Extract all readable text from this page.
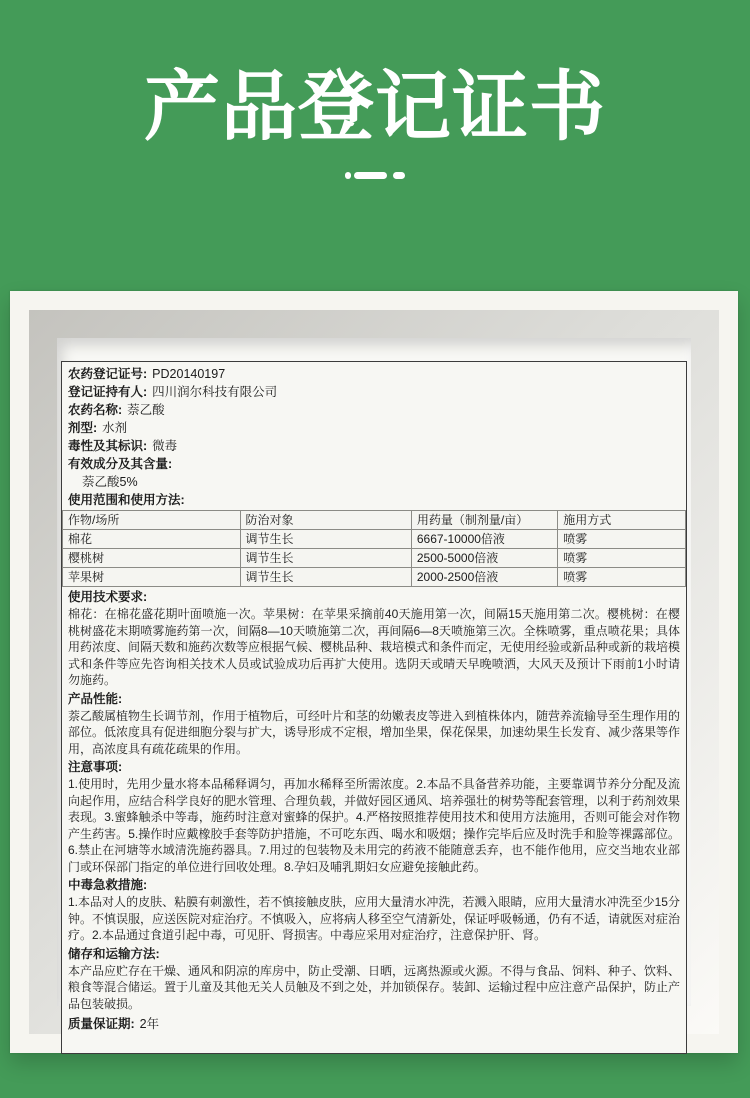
产品登记证书
农药登记证号: PD20140197
登记证持有人: 四川润尔科技有限公司
农药名称: 萘乙酸
剂型: 水剂
毒性及其标识: 微毒
有效成分及其含量:
萘乙酸5%
使用范围和使用方法:
作物/场所	防治对象	用药量（制剂量/亩）	施用方式
棉花	调节生长	6667-10000倍液	喷雾
樱桃树	调节生长	2500-5000倍液	喷雾
苹果树	调节生长	2000-2500倍液	喷雾
使用技术要求:

棉花：在棉花盛花期叶面喷施一次。苹果树：在苹果采摘前40天施用第一次，间隔15天施用第二次。樱桃树：在樱桃树盛花末期喷雾施药第一次，间隔8—10天喷施第二次，再间隔6—8天喷施第三次。全株喷雾，重点喷花果；具体用药浓度、间隔天数和施药次数等应根据气候、樱桃品种、栽培模式和条件而定，无使用经验或新品种或新的栽培模式和条件等应先咨询相关技术人员或试验成功后再扩大使用。选阴天或晴天早晚喷洒，大风天及预计下雨前1小时请勿施药。

产品性能:

萘乙酸属植物生长调节剂，作用于植物后，可经叶片和茎的幼嫩表皮等进入到植株体内，随营养流输导至生理作用的部位。低浓度具有促进细胞分裂与扩大，诱导形成不定根，增加坐果，保花保果，加速幼果生长发育、减少落果等作用，高浓度具有疏花疏果的作用。

注意事项:

1.使用时，先用少量水将本品稀释调匀，再加水稀释至所需浓度。2.本品不具备营养功能，主要靠调节养分分配及流向起作用，应结合科学良好的肥水管理、合理负载，并做好园区通风、培养强壮的树势等配套管理，以利于药剂效果表现。3.蜜蜂触杀中等毒，施药时注意对蜜蜂的保护。4.严格按照推荐使用技术和使用方法施用，否则可能会对作物产生药害。5.操作时应戴橡胶手套等防护措施，不可吃东西、喝水和吸烟；操作完毕后应及时洗手和脸等裸露部位。6.禁止在河塘等水域清洗施药器具。7.用过的包装物及未用完的药液不能随意丢弃，也不能作他用，应交当地农业部门或环保部门指定的单位进行回收处理。8.孕妇及哺乳期妇女应避免接触此药。

中毒急救措施:

1.本品对人的皮肤、粘膜有刺激性，若不慎接触皮肤，应用大量清水冲洗，若溅入眼睛，应用大量清水冲洗至少15分钟。不慎误服，应送医院对症治疗。不慎吸入，应将病人移至空气清新处，保证呼吸畅通，仍有不适，请就医对症治疗。2.本品通过食道引起中毒，可见肝、肾损害。中毒应采用对症治疗，注意保护肝、肾。

储存和运输方法:

本产品应贮存在干燥、通风和阴凉的库房中，防止受潮、日晒，远离热源或火源。不得与食品、饲料、种子、饮料、粮食等混合储运。置于儿童及其他无关人员触及不到之处，并加锁保存。装卸、运输过程中应注意产品保护，防止产品包装破损。

质量保证期: 2年
